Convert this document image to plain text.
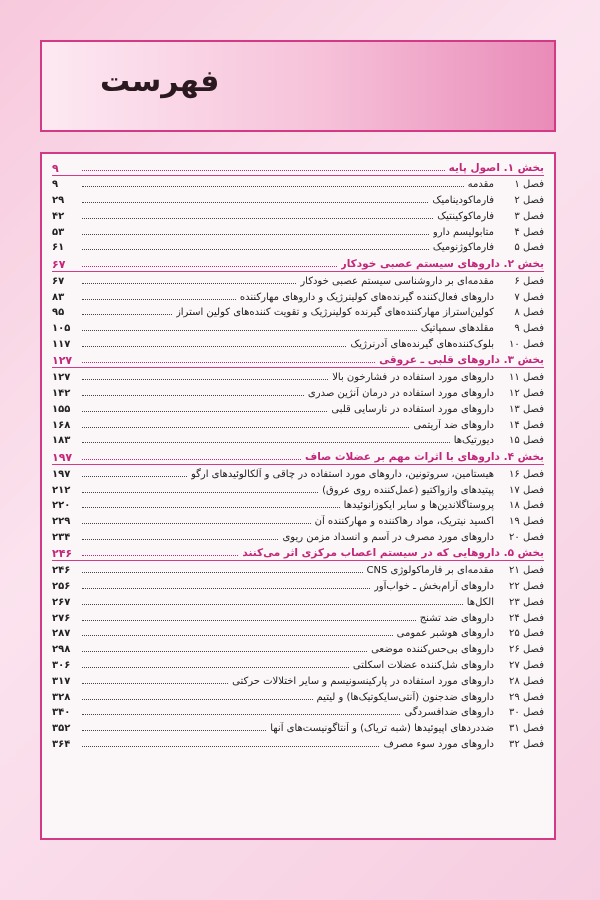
فهرست
بخش ۱. اصول پایه
۹
فصل ۱
مقدمه
۹
فصل ۲
فارماکودینامیک
۲۹
فصل ۳
فارماکوکینتیک
۴۲
فصل ۴
متابولیسم دارو
۵۳
فصل ۵
فارماکوژنومیک
۶۱
بخش ۲. داروهای سیستم عصبی خودکار
۶۷
فصل ۶
مقدمه‌ای بر داروشناسی سیستم عصبی خودکار
۶۷
فصل ۷
داروهای فعال‌کننده گیرنده‌های کولینرژیک و داروهای مهارکننده
۸۳
فصل ۸
کولین‌استراز مهارکننده‌های گیرنده کولینرژیک و تقویت کننده‌های کولین استراز
۹۵
فصل ۹
مقلدهای سمپاتیک
۱۰۵
فصل ۱۰
بلوک‌کننده‌های گیرنده‌های آدرنرژیک
۱۱۷
بخش ۳. داروهای قلبی ـ عروقی
۱۲۷
فصل ۱۱
داروهای مورد استفاده در فشارخون بالا
۱۲۷
فصل ۱۲
داروهای مورد استفاده در درمان آنژین صدری
۱۴۲
فصل ۱۳
داروهای مورد استفاده در نارسایی قلبی
۱۵۵
فصل ۱۴
داروهای ضد آریتمی
۱۶۸
فصل ۱۵
دیورتیک‌ها
۱۸۳
بخش ۴. داروهای با اثرات مهم بر عضلات صاف
۱۹۷
فصل ۱۶
هیستامین، سروتونین، داروهای مورد استفاده در چاقی و آلکالوئیدهای ارگو
۱۹۷
فصل ۱۷
پپتیدهای وازواکتیو (عمل‌کننده روی عروق)
۲۱۲
فصل ۱۸
پروستاگلاندین‌ها و سایر ایکوزانوئیدها
۲۲۰
فصل ۱۹
اکسید نیتریک، مواد رهاکننده و مهارکننده آن
۲۲۹
فصل ۲۰
داروهای مورد مصرف در آسم و انسداد مزمن ریوی
۲۳۴
بخش ۵. داروهایی که در سیستم اعصاب مرکزی اثر می‌کنند
۲۴۶
فصل ۲۱
مقدمه‌ای بر فارماکولوژی CNS
۲۴۶
فصل ۲۲
داروهای آرام‌بخش ـ خواب‌آور
۲۵۶
فصل ۲۳
الکل‌ها
۲۶۷
فصل ۲۴
داروهای ضد تشنج
۲۷۶
فصل ۲۵
داروهای هوشبر عمومی
۲۸۷
فصل ۲۶
داروهای بی‌حس‌کننده موضعی
۲۹۸
فصل ۲۷
داروهای شل‌کننده عضلات اسکلتی
۳۰۶
فصل ۲۸
داروهای مورد استفاده در پارکینسونیسم و سایر اختلالات حرکتی
۳۱۷
فصل ۲۹
داروهای ضدجنون (آنتی‌سایکوتیک‌ها) و لیتیم
۳۲۸
فصل ۳۰
داروهای ضدافسردگی
۳۴۰
فصل ۳۱
ضددردهای اپیوئیدها (شبه تریاک) و آنتاگونیست‌های آنها
۳۵۲
فصل ۳۲
داروهای مورد سوء مصرف
۳۶۴
